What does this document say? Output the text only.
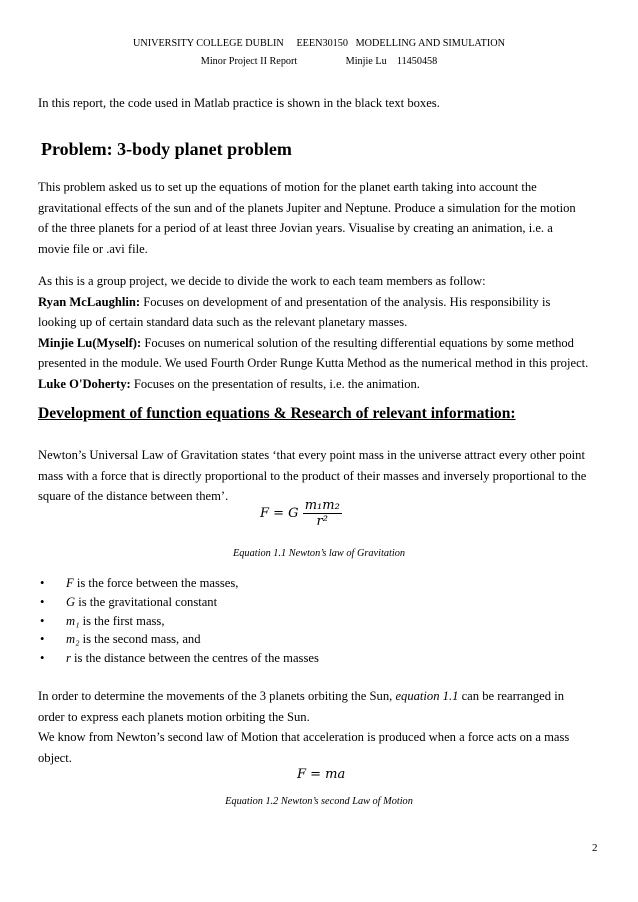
UNIVERSITY COLLEGE DUBLIN     EEEN30150   MODELLING AND SIMULATION
Minor Project II Report                   Minjie Lu    11450458

In this report, the code used in Matlab practice is shown in the black text boxes.

Problem: 3-body planet problem
This problem asked us to set up the equations of motion for the planet earth taking into account the
gravitational effects of the sun and of the planets Jupiter and Neptune. Produce a simulation for the motion
of the three planets for a period of at least three Jovian years. Visualise by creating an animation, i.e. a
movie file or .avi file.
As this is a group project, we decide to divide the work to each team members as follow:
Ryan McLaughlin: Focuses on development of and presentation of the analysis. His responsibility is
looking up of certain standard data such as the relevant planetary masses.
Minjie Lu(Myself): Focuses on numerical solution of the resulting differential equations by some method
presented in the module. We used Fourth Order Runge Kutta Method as the numerical method in this project.
Luke O'Doherty: Focuses on the presentation of results, i.e. the animation.
Development of function equations & Research of relevant information:
Newton’s Universal Law of Gravitation states ‘that every point mass in the universe attract every other point
mass with a force that is directly proportional to the product of their masses and inversely proportional to the
square of the distance between them’.
F = G $\frac{\text{m₁m₂}}{\text{r²}}$
Equation 1.1 Newton’s law of Gravitation
• F is the force between the masses,
• G is the gravitational constant
• m₁ is the first mass,
• m₂ is the second mass, and
• r is the distance between the centres of the masses
In order to determine the movements of the 3 planets orbiting the Sun, equation 1.1 can be rearranged in
order to express each planets motion orbiting the Sun.
We know from Newton’s second law of Motion that acceleration is produced when a force acts on a mass
object.
F = ma
Equation 1.2 Newton’s second Law of Motion
2
